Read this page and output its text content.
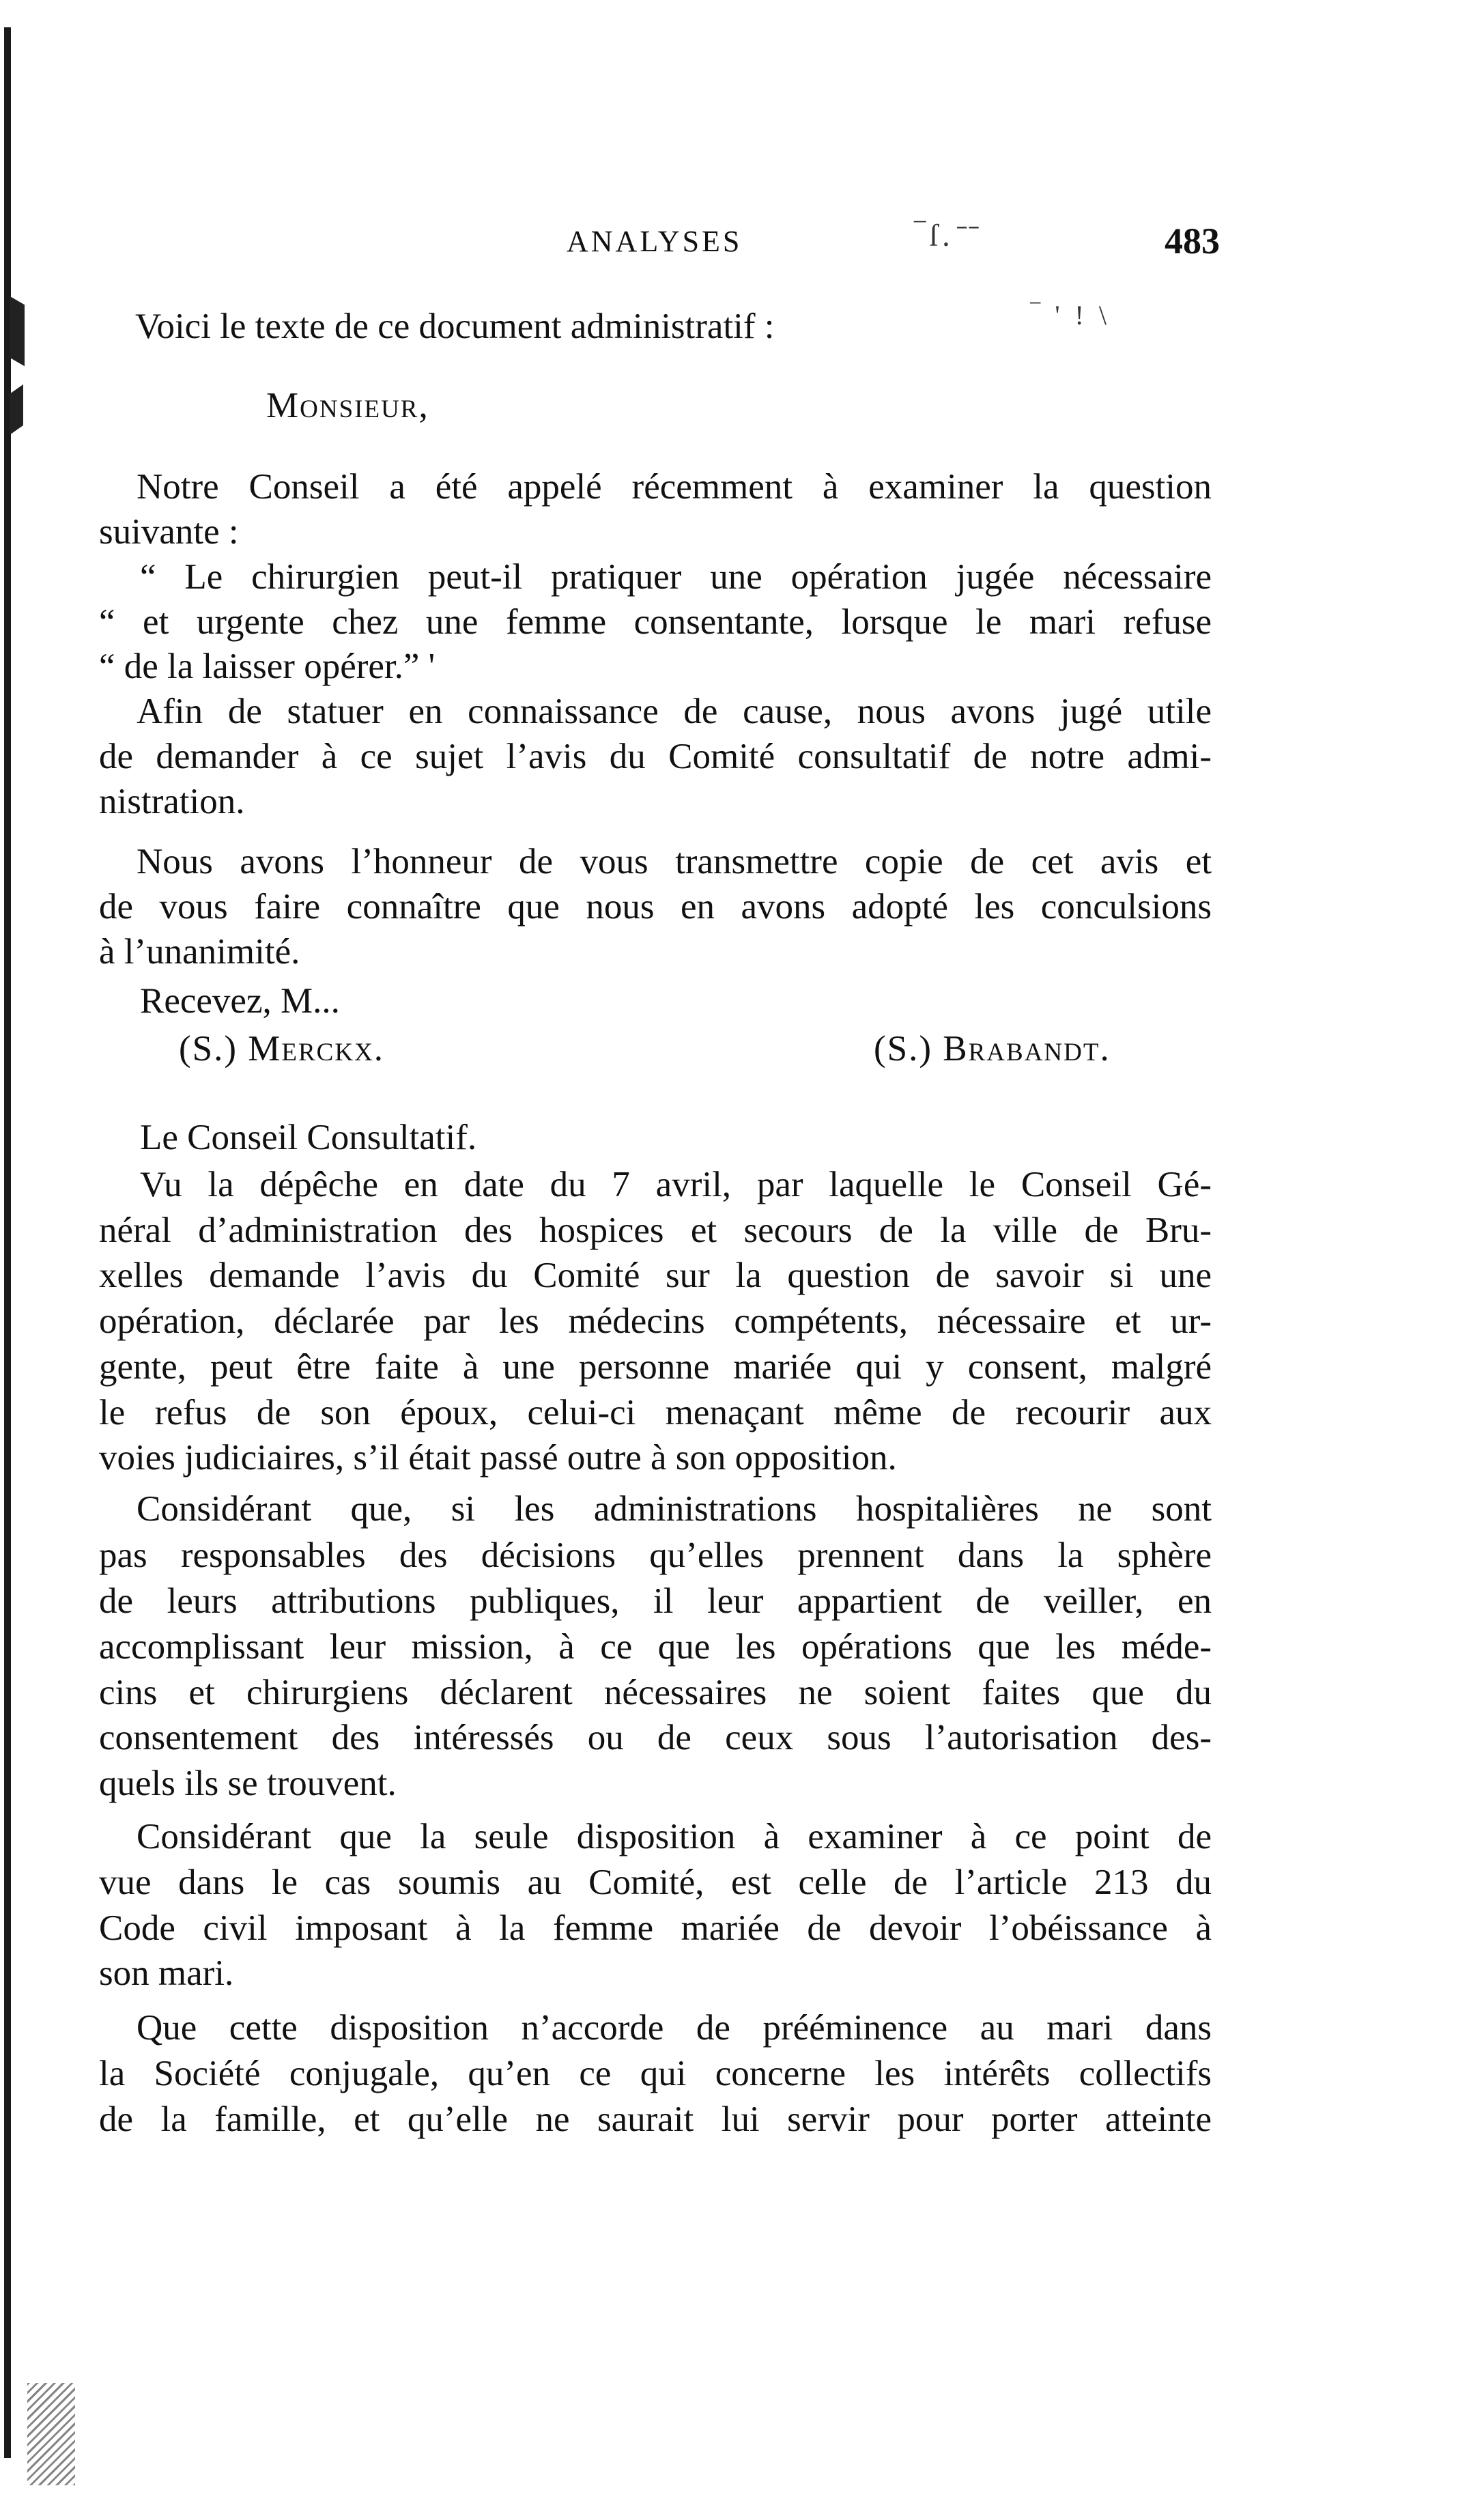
ANALYSES	‾ſ. ̄ ̄	483
‾ ' ! \
Voici le texte de ce document administratif :
Monsieur,
Notre Conseil a été appelé récemment à examiner la question
suivante :
“ Le chirurgien peut-il pratiquer une opération jugée nécessaire
“ et urgente chez une femme consentante, lorsque le mari refuse
“ de la laisser opérer.” '
Afin de statuer en connaissance de cause, nous avons jugé utile
de demander à ce sujet l’avis du Comité consultatif de notre admi-
nistration.
Nous avons l’honneur de vous transmettre copie de cet avis et
de vous faire connaître que nous en avons adopté les conculsions
à l’unanimité.
Recevez, M...
(S.) Merckx.	(S.) Brabandt.
Le Conseil Consultatif.
Vu la dépêche en date du 7 avril, par laquelle le Conseil Gé-
néral d’administration des hospices et secours de la ville de Bru-
xelles demande l’avis du Comité sur la question de savoir si une
opération, déclarée par les médecins compétents, nécessaire et ur-
gente, peut être faite à une personne mariée qui y consent, malgré
le refus de son époux, celui-ci menaçant même de recourir aux
voies judiciaires, s’il était passé outre à son opposition.
Considérant que, si les administrations hospitalières ne sont
pas responsables des décisions qu’elles prennent dans la sphère
de leurs attributions publiques, il leur appartient de veiller, en
accomplissant leur mission, à ce que les opérations que les méde-
cins et chirurgiens déclarent nécessaires ne soient faites que du
consentement des intéressés ou de ceux sous l’autorisation des-
quels ils se trouvent.
Considérant que la seule disposition à examiner à ce point de
vue dans le cas soumis au Comité, est celle de l’article 213 du
Code civil imposant à la femme mariée de devoir l’obéissance à
son mari.
Que cette disposition n’accorde de prééminence au mari dans
la Société conjugale, qu’en ce qui concerne les intérêts collectifs
de la famille, et qu’elle ne saurait lui servir pour porter atteinte
